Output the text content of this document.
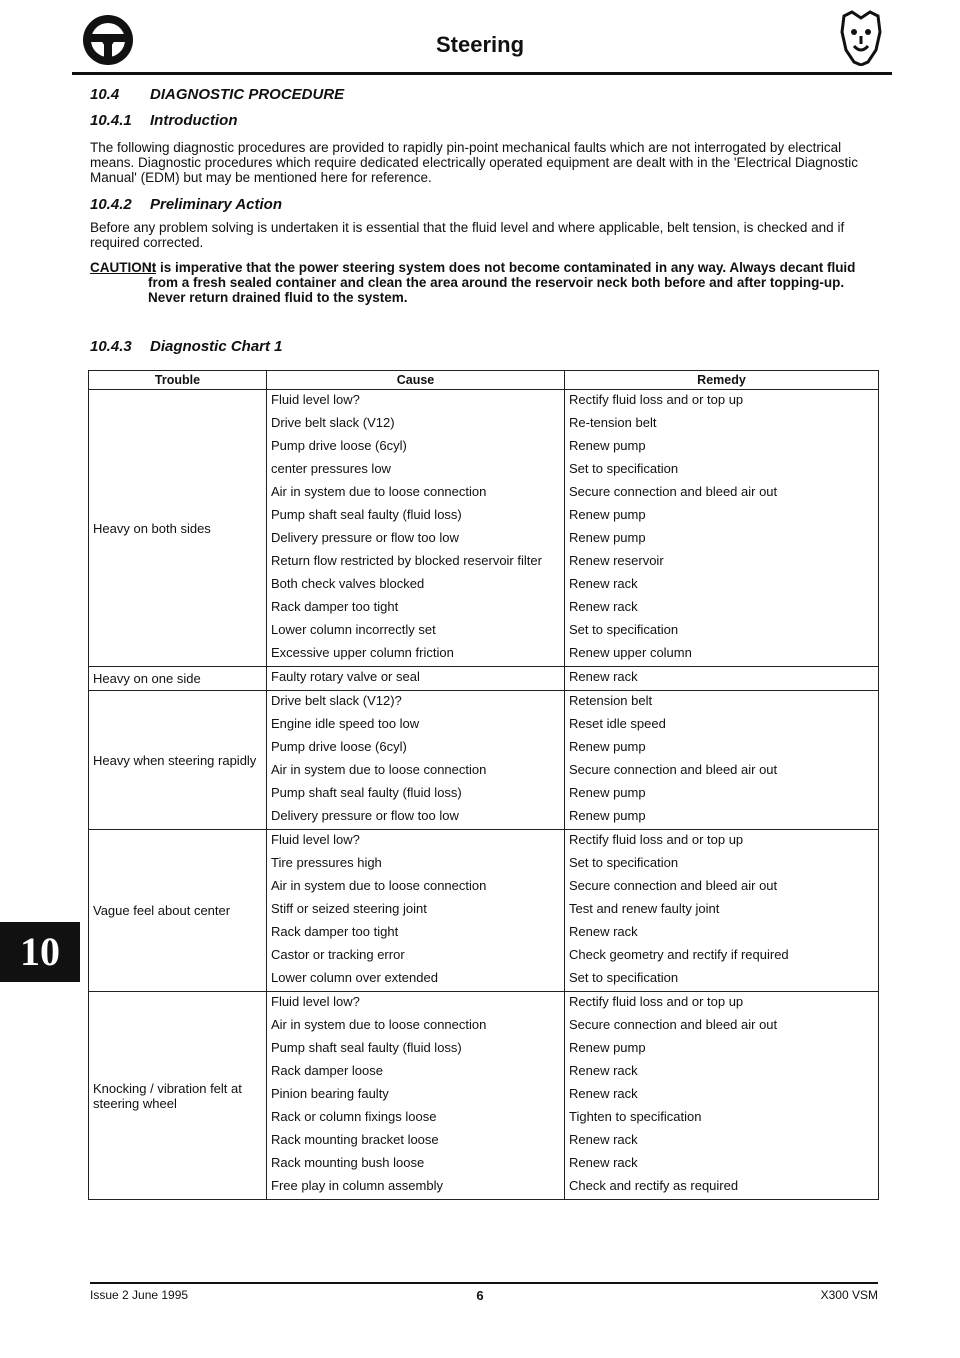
Steering
10.4 DIAGNOSTIC PROCEDURE
10.4.1 Introduction
The following diagnostic procedures are provided to rapidly pin-point mechanical faults which are not interrogated by electrical means. Diagnostic procedures which require dedicated electrically operated equipment are dealt with in the 'Electrical Diagnostic Manual' (EDM) but may be mentioned here for reference.
10.4.2 Preliminary Action
Before any problem solving is undertaken it is essential that the fluid level and where applicable, belt tension, is checked and if required corrected.
CAUTION:
It is imperative that the power steering system does not become contaminated in any way. Always decant fluid from a fresh sealed container and clean the area around the reservoir neck both before and after topping-up. Never return drained fluid to the system.
10.4.3 Diagnostic Chart 1
Trouble	Cause	Remedy
Heavy on both sides	Fluid level low?	Rectify fluid loss and or top up
	Drive belt slack (V12)	Re-tension belt
	Pump drive loose (6cyl)	Renew pump
	center pressures low	Set to specification
	Air in system due to loose connection	Secure connection and bleed air out
	Pump shaft seal faulty (fluid loss)	Renew pump
	Delivery pressure or flow too low	Renew pump
	Return flow restricted by blocked reservoir filter	Renew reservoir
	Both check valves blocked	Renew rack
	Rack damper too tight	Renew rack
	Lower column incorrectly set	Set to specification
	Excessive upper column friction	Renew upper column
Heavy on one side	Faulty rotary valve or seal	Renew rack
Heavy when steering rapidly	Drive belt slack (V12)?	Retension belt
	Engine idle speed too low	Reset idle speed
	Pump drive loose (6cyl)	Renew pump
	Air in system due to loose connection	Secure connection and bleed air out
	Pump shaft seal faulty (fluid loss)	Renew pump
	Delivery pressure or flow too low	Renew pump
Vague feel about center	Fluid level low?	Rectify fluid loss and or top up
	Tire pressures high	Set to specification
	Air in system due to loose connection	Secure connection and bleed air out
	Stiff or seized steering joint	Test and renew faulty joint
	Rack damper too tight	Renew rack
	Castor or tracking error	Check geometry and rectify if required
	Lower column over extended	Set to specification
Knocking / vibration felt at steering wheel	Fluid level low?	Rectify fluid loss and or top up
	Air in system due to loose connection	Secure connection and bleed air out
	Pump shaft seal faulty (fluid loss)	Renew pump
	Rack damper loose	Renew rack
	Pinion bearing faulty	Renew rack
	Rack or column fixings loose	Tighten to specification
	Rack mounting bracket loose	Renew rack
	Rack mounting bush loose	Renew rack
	Free play in column assembly	Check and rectify as required
10
Issue 2 June 1995	6	X300 VSM
